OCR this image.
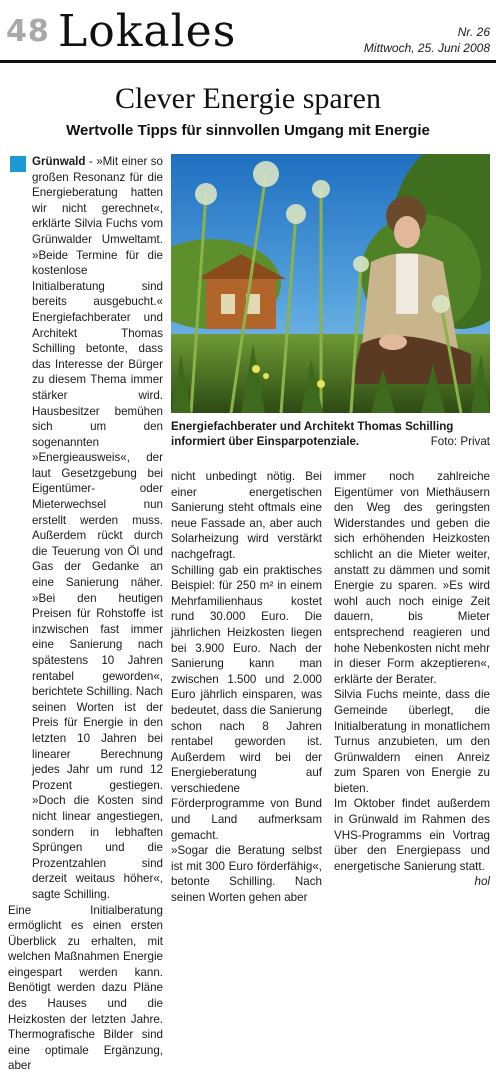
48 Lokales	Nr. 26
Mittwoch, 25. Juni 2008
Clever Energie sparen
Wertvolle Tipps für sinnvollen Umgang mit Energie

Grünwald - »Mit einer so großen Resonanz für die Energieberatung hatten wir nicht gerechnet«, erklärte Silvia Fuchs vom Grünwalder Umweltamt. »Beide Termine für die kostenlose Initialberatung sind bereits ausgebucht.« Energiefachberater und Architekt Thomas Schilling betonte, dass das Interesse der Bürger zu diesem Thema immer stärker wird. Hausbesitzer bemühen sich um den sogenannten »Energieausweis«, der laut Gesetzgebung bei Eigentümer- oder Mieterwechsel nun erstellt werden muss. Außerdem rückt durch die Teuerung von Öl und Gas der Gedanke an eine Sanierung näher. »Bei den heutigen Preisen für Rohstoffe ist inzwischen fast immer eine Sanierung nach spätestens 10 Jahren rentabel geworden«, berichtete Schilling. Nach seinen Worten ist der Preis für Energie in den letzten 10 Jahren bei linearer Berechnung jedes Jahr um rund 12 Prozent gestiegen. »Doch die Kosten sind nicht linear angestiegen, sondern in lebhaften Sprüngen und die Prozentzahlen sind derzeit weitaus höher«, sagte Schilling.

Eine Initialberatung ermöglicht es einen ersten Überblick zu erhalten, mit welchen Maßnahmen Energie eingespart werden kann. Benötigt werden dazu Pläne des Hauses und die Heizkosten der letzten Jahre. Thermografische Bilder sind eine optimale Ergänzung, aber

Energiefachberater und Architekt Thomas Schilling informiert über Einsparpotenziale.	Foto: Privat

nicht unbedingt nötig. Bei einer energetischen Sanierung steht oftmals eine neue Fassade an, aber auch Solarheizung wird verstärkt nachgefragt.

Schilling gab ein praktisches Beispiel: für 250 m² in einem Mehrfamilienhaus kostet rund 30.000 Euro. Die jährlichen Heizkosten liegen bei 3.900 Euro. Nach der Sanierung kann man zwischen 1.500 und 2.000 Euro jährlich einsparen, was bedeutet, dass die Sanierung schon nach 8 Jahren rentabel geworden ist. Außerdem wird bei der Energieberatung auf verschiedene Förderprogramme von Bund und Land aufmerksam gemacht.

»Sogar die Beratung selbst ist mit 300 Euro förderfähig«, betonte Schilling. Nach seinen Worten gehen aber

immer noch zahlreiche Eigentümer von Miethäusern den Weg des geringsten Widerstandes und geben die sich erhöhenden Heizkosten schlicht an die Mieter weiter, anstatt zu dämmen und somit Energie zu sparen. »Es wird wohl auch noch einige Zeit dauern, bis Mieter entsprechend reagieren und hohe Nebenkosten nicht mehr in dieser Form akzeptieren«, erklärte der Berater.

Silvia Fuchs meinte, dass die Gemeinde überlegt, die Initialberatung in monatlichem Turnus anzubieten, um den Grünwaldern einen Anreiz zum Sparen von Energie zu bieten.

Im Oktober findet außerdem in Grünwald im Rahmen des VHS-Programms ein Vortrag über den Energiepass und energetische Sanierung statt.
hol
